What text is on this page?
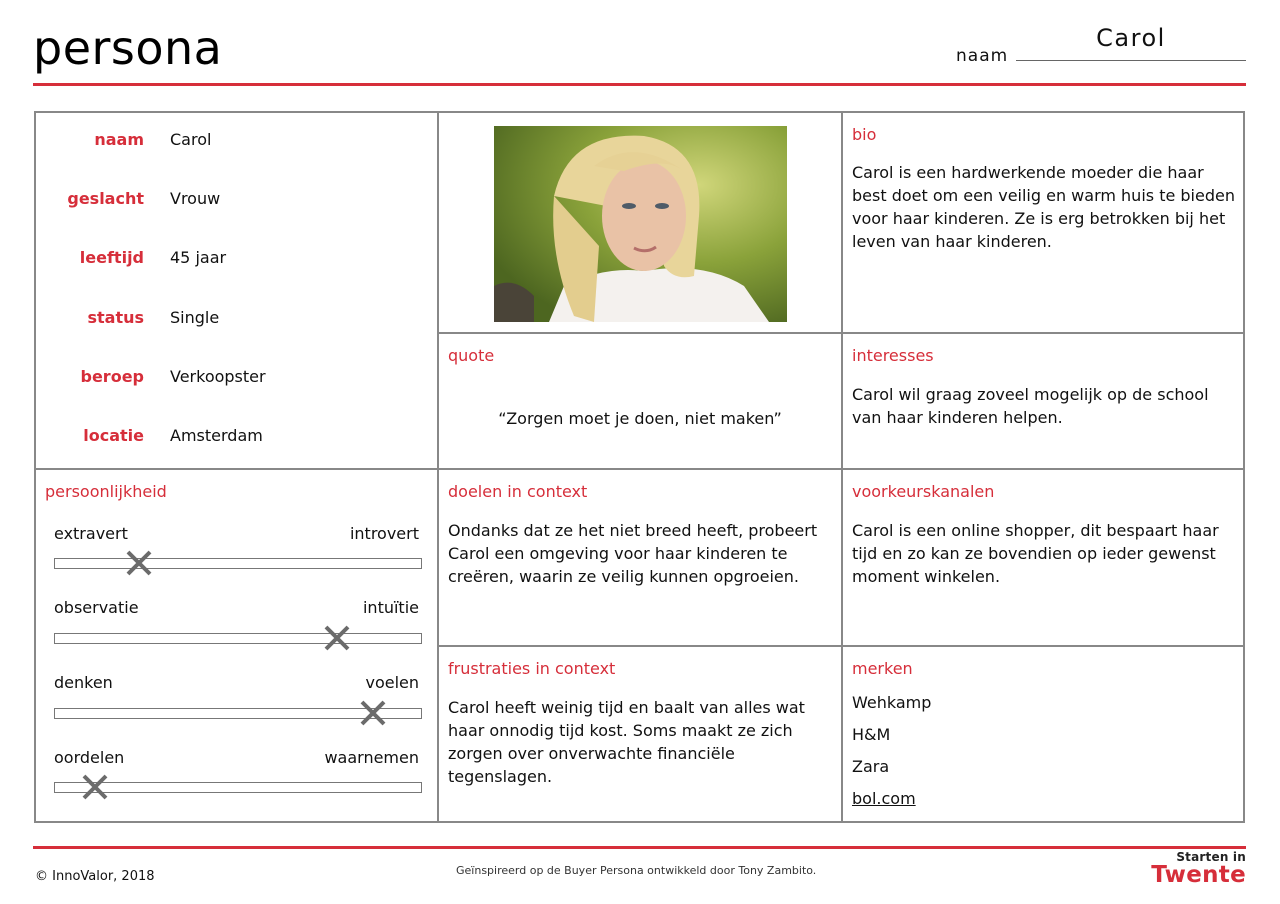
persona	naam
Carol
naam Carol
geslacht Vrouw
leeftijd 45 jaar
status Single
beroep Verkoopster
locatie Amsterdam
bio

Carol is een hardwerkende moeder die haar best doet om een veilig en warm huis te bieden voor haar kinderen. Ze is erg betrokken bij het leven van haar kinderen.

quote
“Zorgen moet je doen, niet maken”
interesses

Carol wil graag zoveel mogelijk op de school van haar kinderen helpen.

persoonlijkheid
extravert	introvert
observatie	intuïtie
denken	voelen
oordelen	waarnemen
doelen in context

Ondanks dat ze het niet breed heeft, probeert Carol een omgeving voor haar kinderen te creëren, waarin ze veilig kunnen opgroeien.

voorkeurskanalen

Carol is een online shopper, dit bespaart haar tijd en zo kan ze bovendien op ieder gewenst moment winkelen.

frustraties in context

Carol heeft weinig tijd en baalt van alles wat haar onnodig tijd kost. Soms maakt ze zich zorgen over onverwachte financiële tegenslagen.

merken
Wehkamp
H&M
Zara
bol.com
© InnoValor, 2018	Geïnspireerd op de Buyer Persona ontwikkeld door Tony Zambito.
Starten in
Twente
